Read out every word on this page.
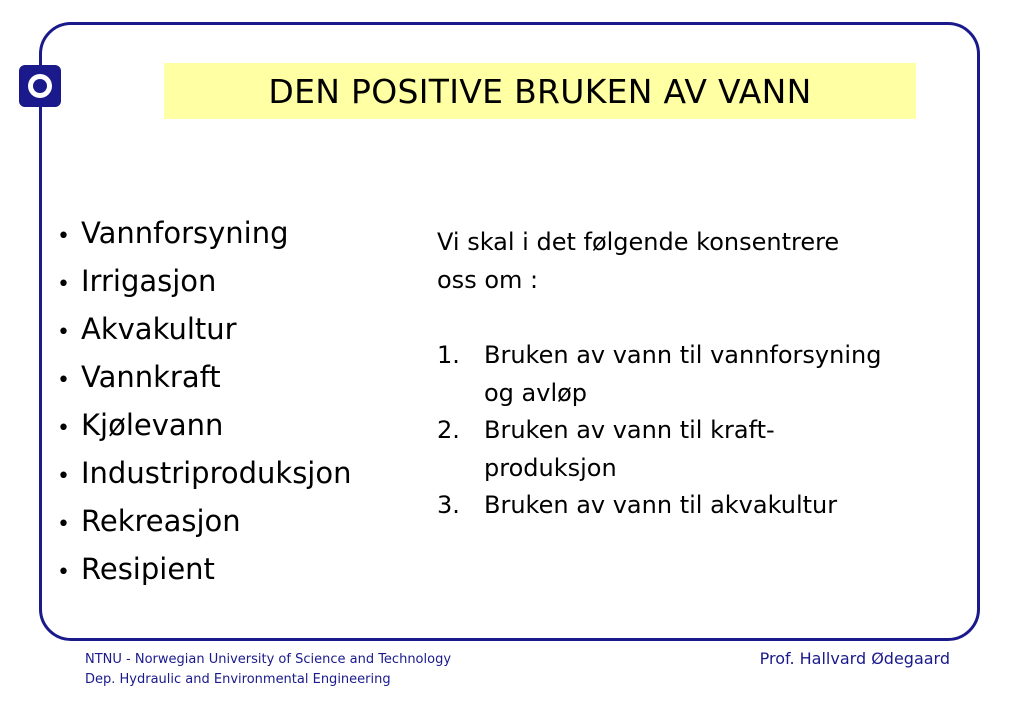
DEN POSITIVE BRUKEN AV VANN
• Vannforsyning
• Irrigasjon
• Akvakultur
• Vannkraft
• Kjølevann
• Industriproduksjon
• Rekreasjon
• Resipient

Vi skal i det følgende konsentrere

oss om :

1.	Bruken av vann til vannforsyning
og avløp
2.	Bruken av vann til kraft-
produksjon
3.	Bruken av vann til akvakultur
NTNU - Norwegian University of Science and Technology
Dep. Hydraulic and Environmental Engineering
Prof. Hallvard Ødegaard
